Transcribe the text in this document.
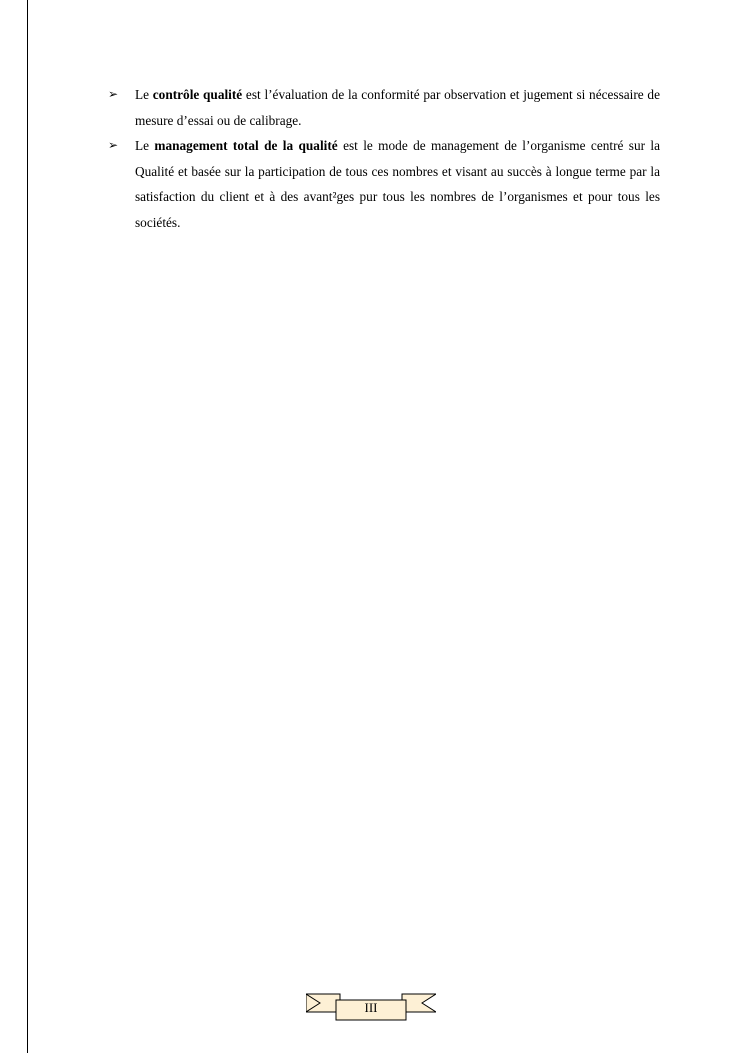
➢ Le contrôle qualité est l’évaluation de la conformité par observation et jugement si nécessaire de mesure d’essai ou de calibrage.
➢ Le management total de la qualité est le mode de management de l’organisme centré sur la Qualité et basée sur la participation de tous ces nombres et visant au succès à longue terme par la satisfaction du client et à des avant²ges pur tous les nombres de l’organismes et pour tous les sociétés.
III
